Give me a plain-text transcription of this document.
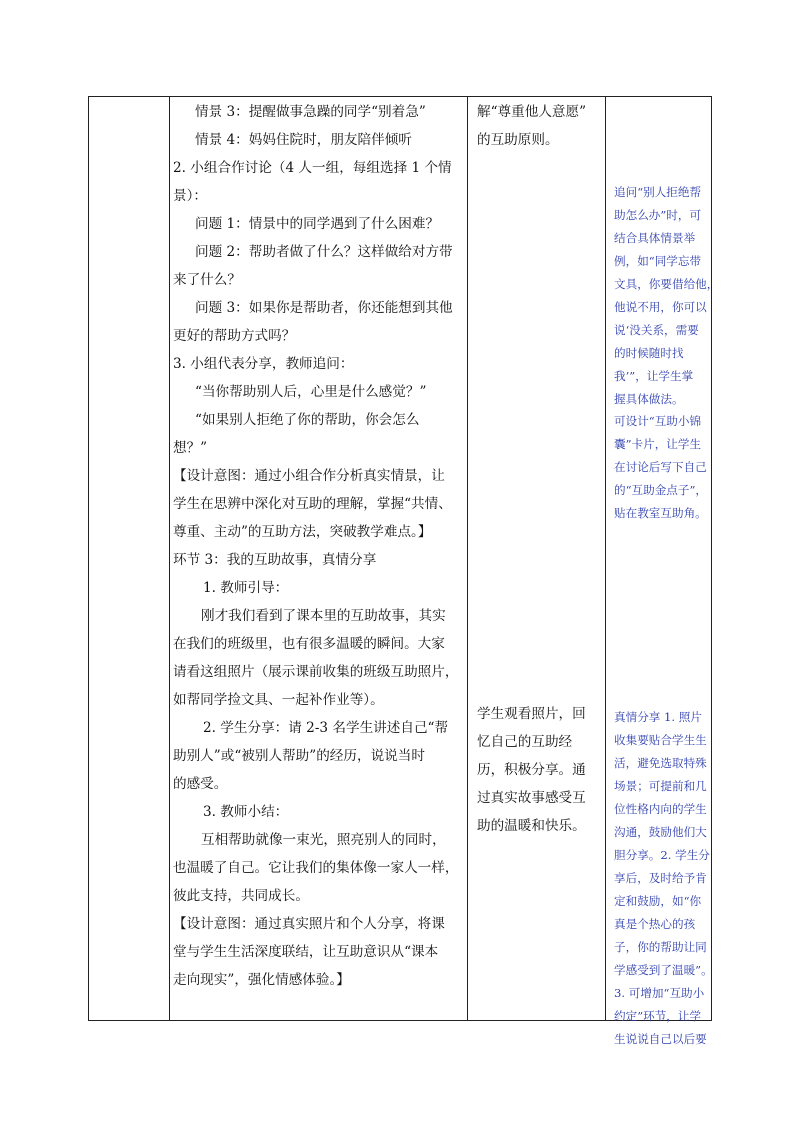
情景 3：提醒做事急躁的同学“别着急”

情景 4：妈妈住院时，朋友陪伴倾听

2. 小组合作讨论（4 人一组，每组选择 1 个情

景）：

问题 1：情景中的同学遇到了什么困难？

问题 2：帮助者做了什么？这样做给对方带

来了什么？

问题 3：如果你是帮助者，你还能想到其他

更好的帮助方式吗？

3. 小组代表分享，教师追问：

“当你帮助别人后，心里是什么感觉？”

“如果别人拒绝了你的帮助，你会怎么

想？”

【设计意图：通过小组合作分析真实情景，让

学生在思辨中深化对互助的理解，掌握“共情、

尊重、主动”的互助方法，突破教学难点。】

环节 3：我的互助故事，真情分享

1. 教师引导：

刚才我们看到了课本里的互助故事，其实

在我们的班级里，也有很多温暖的瞬间。大家

请看这组照片（展示课前收集的班级互助照片，

如帮同学捡文具、一起补作业等）。

2. 学生分享：请 2-3 名学生讲述自己“帮

助别人”或“被别人帮助”的经历，说说当时

的感受。

3. 教师小结：

互相帮助就像一束光，照亮别人的同时，

也温暖了自己。它让我们的集体像一家人一样，

彼此支持，共同成长。

【设计意图：通过真实照片和个人分享，将课

堂与学生生活深度联结，让互助意识从“课本

走向现实”，强化情感体验。】

解“尊重他人意愿”

的互助原则。

学生观看照片，回

忆自己的互助经

历，积极分享。通

过真实故事感受互

助的温暖和快乐。

追问“别人拒绝帮

助怎么办”时，可

结合具体情景举

例，如“同学忘带

文具，你要借给他，

他说不用，你可以

说‘没关系，需要

的时候随时找

我’”，让学生掌

握具体做法。

可设计“互助小锦

囊”卡片，让学生

在讨论后写下自己

的“互助金点子”，

贴在教室互助角。

真情分享 1. 照片

收集要贴合学生生

活，避免选取特殊

场景；可提前和几

位性格内向的学生

沟通，鼓励他们大

胆分享。2. 学生分

享后，及时给予肯

定和鼓励，如“你

真是个热心的孩

子，你的帮助让同

学感受到了温暖”。

3. 可增加“互助小

约定”环节，让学

生说说自己以后要
